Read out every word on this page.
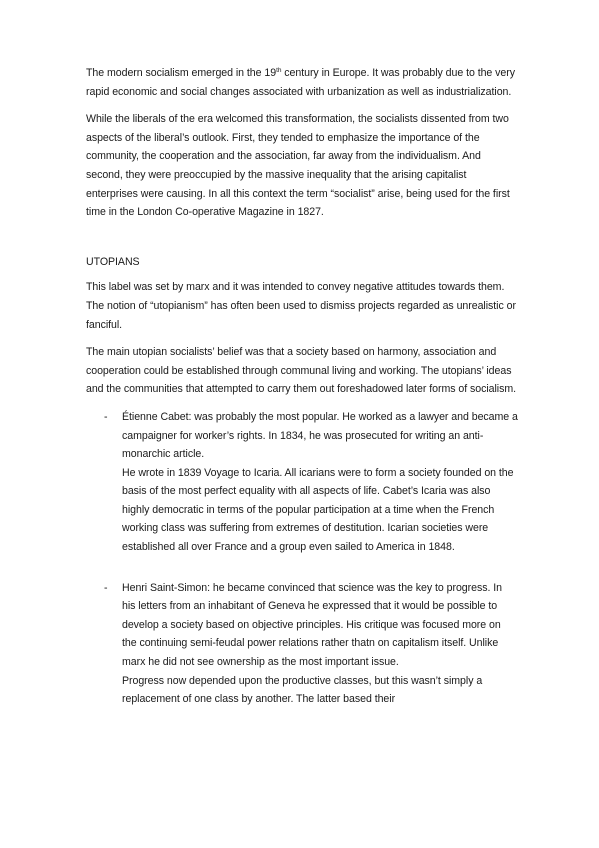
The modern socialism emerged in the 19th century in Europe. It was probably due to the very rapid economic and social changes associated with urbanization as well as industrialization.

While the liberals of the era welcomed this transformation, the socialists dissented from two aspects of the liberal’s outlook. First, they tended to emphasize the importance of the community, the cooperation and the association, far away from the individualism. And second, they were preoccupied by the massive inequality that the arising capitalist enterprises were causing. In all this context the term “socialist” arise, being used for the first time in the London Co-operative Magazine in 1827.

UTOPIANS

This label was set by marx and it was intended to convey negative attitudes towards them. The notion of “utopianism” has often been used to dismiss projects regarded as unrealistic or fanciful.

The main utopian socialists’ belief was that a society based on harmony, association and cooperation could be established through communal living and working. The utopians’ ideas and the communities that attempted to carry them out foreshadowed later forms of socialism.

- Étienne Cabet: was probably the most popular. He worked as a lawyer and became a campaigner for worker’s rights. In 1834, he was prosecuted for writing an anti-monarchic article.
He wrote in 1839 Voyage to Icaria. All icarians were to form a society founded on the basis of the most perfect equality with all aspects of life. Cabet’s Icaria was also highly democratic in terms of the popular participation at a time when the French working class was suffering from extremes of destitution. Icarian societies were established all over France and a group even sailed to America in 1848.
- Henri Saint-Simon: he became convinced that science was the key to progress. In his letters from an inhabitant of Geneva he expressed that it would be possible to develop a society based on objective principles. His critique was focused more on the continuing semi-feudal power relations rather thatn on capitalism itself. Unlike marx he did not see ownership as the most important issue.
Progress now depended upon the productive classes, but this wasn’t simply a replacement of one class by another. The latter based their
